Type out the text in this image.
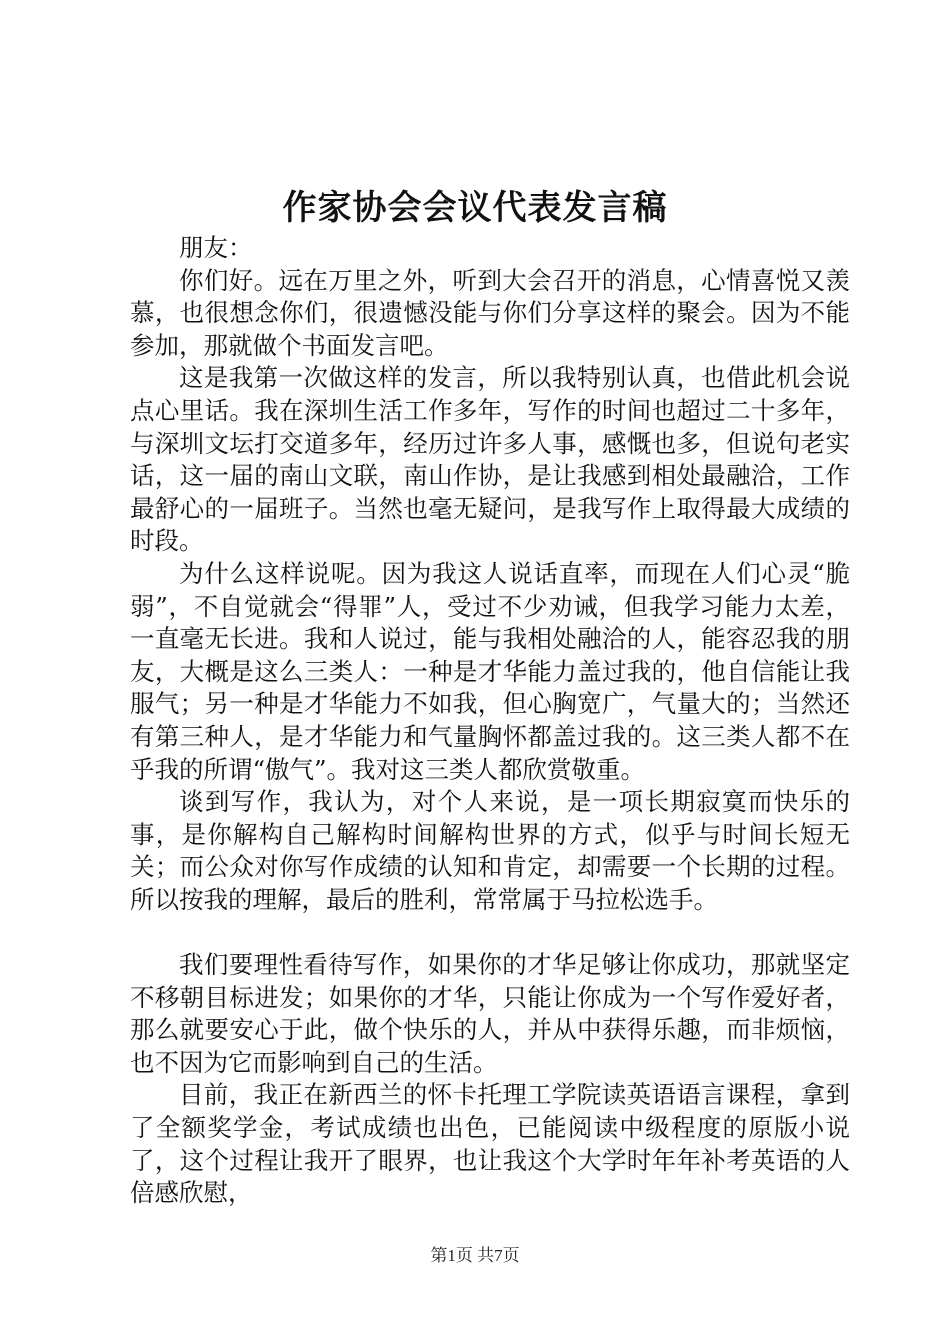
作家协会会议代表发言稿

朋友：

你们好。远在万里之外，听到大会召开的消息，心情喜悦又羡慕，也很想念你们，很遗憾没能与你们分享这样的聚会。因为不能参加，那就做个书面发言吧。

这是我第一次做这样的发言，所以我特别认真，也借此机会说点心里话。我在深圳生活工作多年，写作的时间也超过二十多年，与深圳文坛打交道多年，经历过许多人事，感慨也多，但说句老实话，这一届的南山文联，南山作协，是让我感到相处最融洽，工作最舒心的一届班子。当然也毫无疑问，是我写作上取得最大成绩的时段。

为什么这样说呢。因为我这人说话直率，而现在人们心灵“脆弱”，不自觉就会“得罪”人，受过不少劝诫，但我学习能力太差，一直毫无长进。我和人说过，能与我相处融洽的人，能容忍我的朋友，大概是这么三类人：一种是才华能力盖过我的，他自信能让我服气；另一种是才华能力不如我，但心胸宽广，气量大的；当然还有第三种人，是才华能力和气量胸怀都盖过我的。这三类人都不在乎我的所谓“傲气”。我对这三类人都欣赏敬重。

谈到写作，我认为，对个人来说，是一项长期寂寞而快乐的事，是你解构自己解构时间解构世界的方式，似乎与时间长短无关；而公众对你写作成绩的认知和肯定，却需要一个长期的过程。所以按我的理解，最后的胜利，常常属于马拉松选手。

我们要理性看待写作，如果你的才华足够让你成功，那就坚定不移朝目标进发；如果你的才华，只能让你成为一个写作爱好者，那么就要安心于此，做个快乐的人，并从中获得乐趣，而非烦恼，也不因为它而影响到自己的生活。

目前，我正在新西兰的怀卡托理工学院读英语语言课程，拿到了全额奖学金，考试成绩也出色，已能阅读中级程度的原版小说了，这个过程让我开了眼界，也让我这个大学时年年补考英语的人倍感欣慰，

第1页 共7页
